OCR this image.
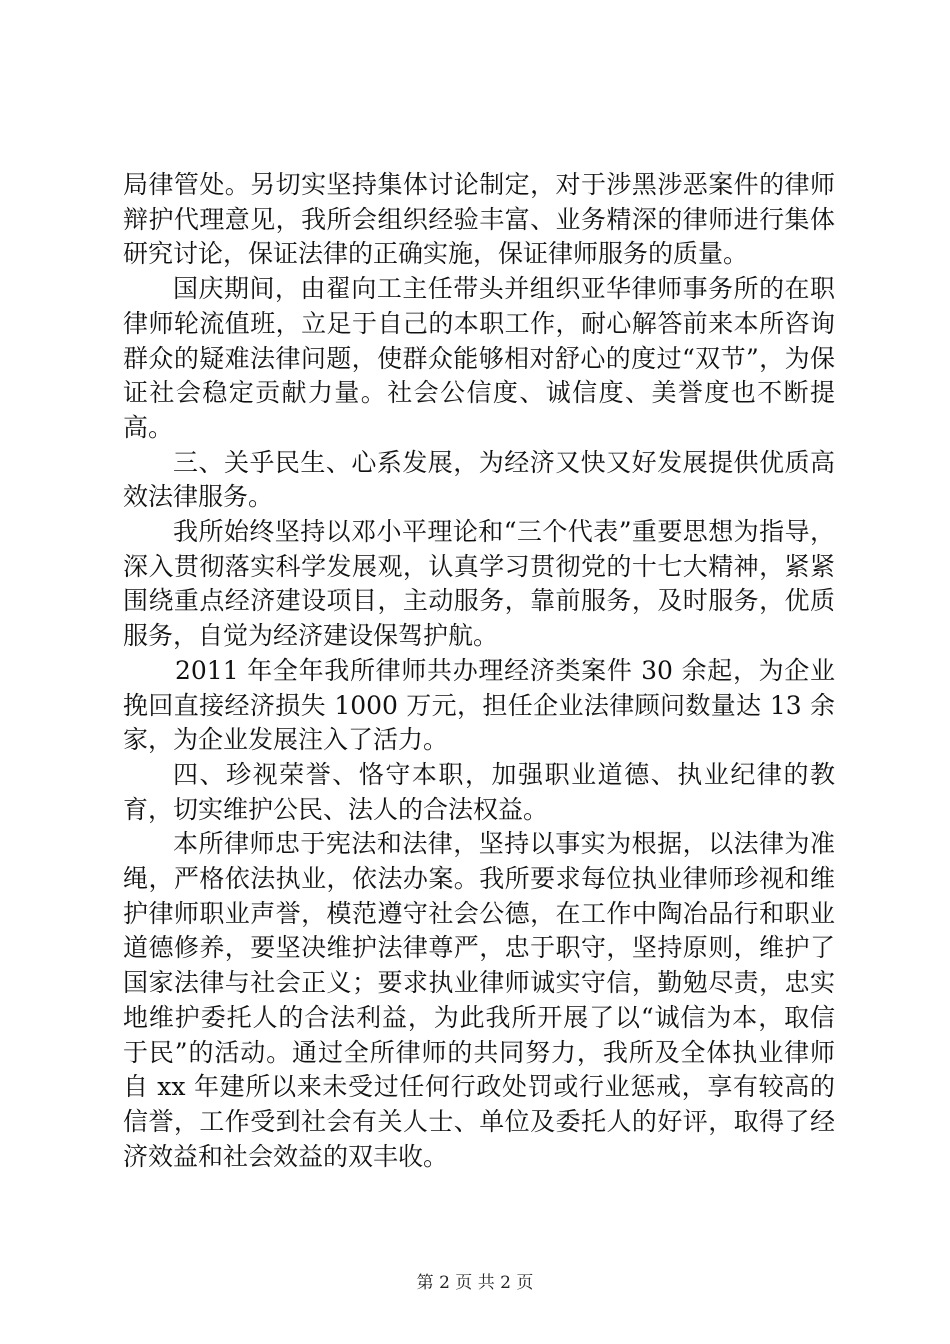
局律管处。另切实坚持集体讨论制定，对于涉黑涉恶案件的律师辩护代理意见，我所会组织经验丰富、业务精深的律师进行集体研究讨论，保证法律的正确实施，保证律师服务的质量。

国庆期间，由翟向工主任带头并组织亚华律师事务所的在职律师轮流值班，立足于自己的本职工作，耐心解答前来本所咨询群众的疑难法律问题，使群众能够相对舒心的度过“双节”，为保证社会稳定贡献力量。社会公信度、诚信度、美誉度也不断提高。

三、关乎民生、心系发展，为经济又快又好发展提供优质高效法律服务。

我所始终坚持以邓小平理论和“三个代表”重要思想为指导，深入贯彻落实科学发展观，认真学习贯彻党的十七大精神，紧紧围绕重点经济建设项目，主动服务，靠前服务，及时服务，优质服务，自觉为经济建设保驾护航。

2011 年全年我所律师共办理经济类案件 30 余起，为企业挽回直接经济损失 1000 万元，担任企业法律顾问数量达 13 余家，为企业发展注入了活力。

四、珍视荣誉、恪守本职，加强职业道德、执业纪律的教育，切实维护公民、法人的合法权益。

本所律师忠于宪法和法律，坚持以事实为根据，以法律为准绳，严格依法执业，依法办案。我所要求每位执业律师珍视和维护律师职业声誉，模范遵守社会公德，在工作中陶冶品行和职业道德修养，要坚决维护法律尊严，忠于职守，坚持原则，维护了国家法律与社会正义；要求执业律师诚实守信，勤勉尽责，忠实地维护委托人的合法利益，为此我所开展了以“诚信为本，取信于民”的活动。通过全所律师的共同努力，我所及全体执业律师自 xx 年建所以来未受过任何行政处罚或行业惩戒，享有较高的信誉，工作受到社会有关人士、单位及委托人的好评，取得了经济效益和社会效益的双丰收。

第 2 页 共 2 页
